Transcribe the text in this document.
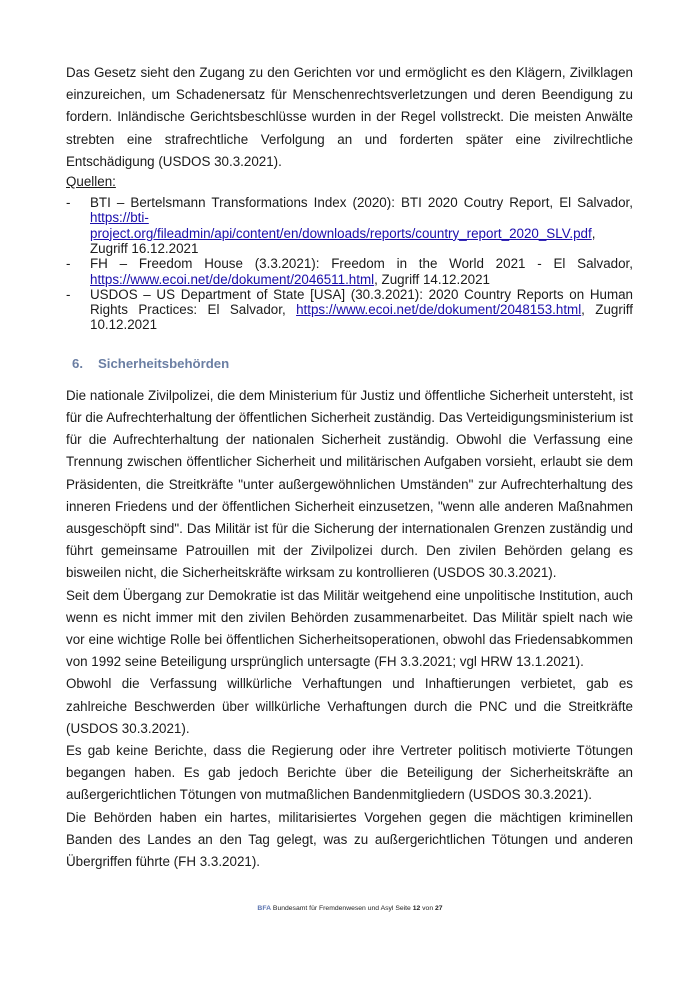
Das Gesetz sieht den Zugang zu den Gerichten vor und ermöglicht es den Klägern, Zivilklagen einzureichen, um Schadenersatz für Menschenrechtsverletzungen und deren Beendigung zu fordern. Inländische Gerichtsbeschlüsse wurden in der Regel vollstreckt. Die meisten Anwälte strebten eine strafrechtliche Verfolgung an und forderten später eine zivilrechtliche Entschädigung (USDOS 30.3.2021).

Quellen:
-	BTI – Bertelsmann Transformations Index (2020): BTI 2020 Coutry Report, El Salvador, https://bti-project.org/fileadmin/api/content/en/downloads/reports/country_report_2020_SLV.pdf, Zugriff 16.12.2021
-	FH – Freedom House (3.3.2021): Freedom in the World 2021 - El Salvador, https://www.ecoi.net/de/dokument/2046511.html, Zugriff 14.12.2021
-	USDOS – US Department of State [USA] (30.3.2021): 2020 Country Reports on Human Rights Practices: El Salvador, https://www.ecoi.net/de/dokument/2048153.html, Zugriff 10.12.2021
6. Sicherheitsbehörden

Die nationale Zivilpolizei, die dem Ministerium für Justiz und öffentliche Sicherheit untersteht, ist für die Aufrechterhaltung der öffentlichen Sicherheit zuständig. Das Verteidigungsministerium ist für die Aufrechterhaltung der nationalen Sicherheit zuständig. Obwohl die Verfassung eine Trennung zwischen öffentlicher Sicherheit und militärischen Aufgaben vorsieht, erlaubt sie dem Präsidenten, die Streitkräfte "unter außergewöhnlichen Umständen" zur Aufrechterhaltung des inneren Friedens und der öffentlichen Sicherheit einzusetzen, "wenn alle anderen Maßnahmen ausgeschöpft sind". Das Militär ist für die Sicherung der internationalen Grenzen zuständig und führt gemeinsame Patrouillen mit der Zivilpolizei durch. Den zivilen Behörden gelang es bisweilen nicht, die Sicherheitskräfte wirksam zu kontrollieren (USDOS 30.3.2021).

Seit dem Übergang zur Demokratie ist das Militär weitgehend eine unpolitische Institution, auch wenn es nicht immer mit den zivilen Behörden zusammenarbeitet. Das Militär spielt nach wie vor eine wichtige Rolle bei öffentlichen Sicherheitsoperationen, obwohl das Friedensabkommen von 1992 seine Beteiligung ursprünglich untersagte (FH 3.3.2021; vgl HRW 13.1.2021).

Obwohl die Verfassung willkürliche Verhaftungen und Inhaftierungen verbietet, gab es zahlreiche Beschwerden über willkürliche Verhaftungen durch die PNC und die Streitkräfte (USDOS 30.3.2021).

Es gab keine Berichte, dass die Regierung oder ihre Vertreter politisch motivierte Tötungen begangen haben. Es gab jedoch Berichte über die Beteiligung der Sicherheitskräfte an außergerichtlichen Tötungen von mutmaßlichen Bandenmitgliedern (USDOS 30.3.2021).

Die Behörden haben ein hartes, militarisiertes Vorgehen gegen die mächtigen kriminellen Banden des Landes an den Tag gelegt, was zu außergerichtlichen Tötungen und anderen Übergriffen führte (FH 3.3.2021).

BFA Bundesamt für Fremdenwesen und Asyl Seite 12 von 27
